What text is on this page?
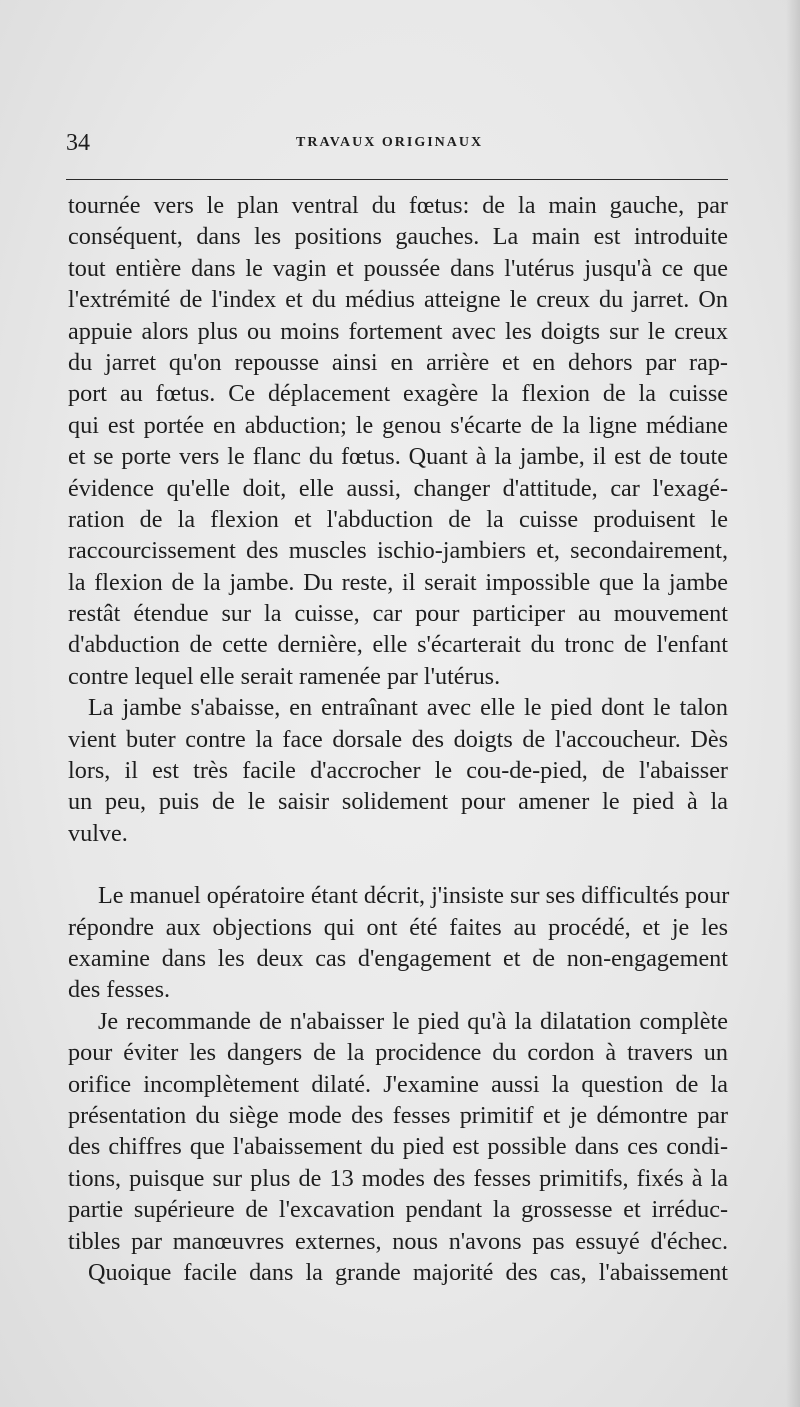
34	TRAVAUX ORIGINAUX
tournée vers le plan ventral du fœtus: de la main gauche, par
conséquent, dans les positions gauches. La main est introduite
tout entière dans le vagin et poussée dans l'utérus jusqu'à ce que
l'extrémité de l'index et du médius atteigne le creux du jarret. On
appuie alors plus ou moins fortement avec les doigts sur le creux
du jarret qu'on repousse ainsi en arrière et en dehors par rap-
port au fœtus. Ce déplacement exagère la flexion de la cuisse
qui est portée en abduction; le genou s'écarte de la ligne médiane
et se porte vers le flanc du fœtus. Quant à la jambe, il est de toute
évidence qu'elle doit, elle aussi, changer d'attitude, car l'exagé-
ration de la flexion et l'abduction de la cuisse produisent le
raccourcissement des muscles ischio-jambiers et, secondairement,
la flexion de la jambe. Du reste, il serait impossible que la jambe
restât étendue sur la cuisse, car pour participer au mouvement
d'abduction de cette dernière, elle s'écarterait du tronc de l'enfant
contre lequel elle serait ramenée par l'utérus.
La jambe s'abaisse, en entraînant avec elle le pied dont le talon
vient buter contre la face dorsale des doigts de l'accoucheur. Dès
lors, il est très facile d'accrocher le cou-de-pied, de l'abaisser
un peu, puis de le saisir solidement pour amener le pied à la
vulve.
Le manuel opératoire étant décrit, j'insiste sur ses difficultés pour
répondre aux objections qui ont été faites au procédé, et je les
examine dans les deux cas d'engagement et de non-engagement
des fesses.
Je recommande de n'abaisser le pied qu'à la dilatation complète
pour éviter les dangers de la procidence du cordon à travers un
orifice incomplètement dilaté. J'examine aussi la question de la
présentation du siège mode des fesses primitif et je démontre par
des chiffres que l'abaissement du pied est possible dans ces condi-
tions, puisque sur plus de 13 modes des fesses primitifs, fixés à la
partie supérieure de l'excavation pendant la grossesse et irréduc-
tibles par manœuvres externes, nous n'avons pas essuyé d'échec.
Quoique facile dans la grande majorité des cas, l'abaissement
